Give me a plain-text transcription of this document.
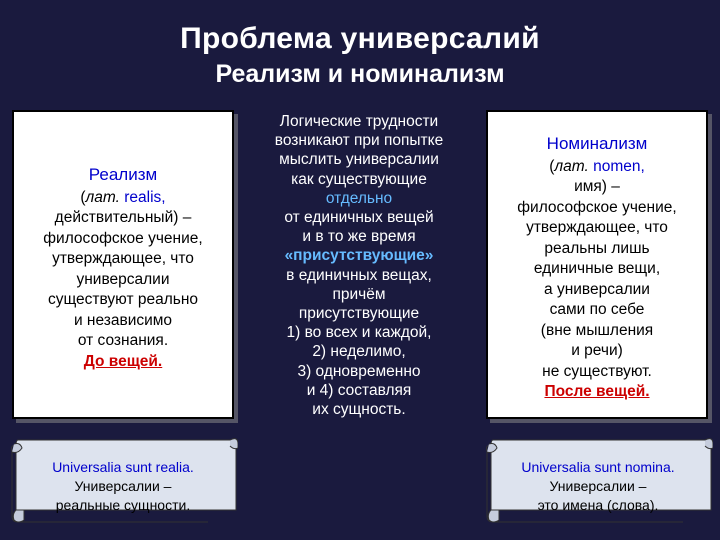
Проблема универсалий
Реализм и номинализм
Реализм
(лат. realis,
действительный) –
философское учение,
утверждающее, что
универсалии
существуют реально
и независимо
от сознания.
До вещей.
Логические трудности
возникают при попытке
мыслить универсалии
как существующие
отдельно
от единичных вещей
и в то же время
«присутствующие»
в единичных вещах,
причём
присутствующие
1) во всех и каждой,
2) неделимо,
3) одновременно
и 4) составляя
их сущность.
Номинализм
(лат. nomen,
имя) –
философское учение,
утверждающее, что
реальны лишь
единичные вещи,
а универсалии
сами по себе
(вне мышления
и речи)
не существуют.
После вещей.
Universalia sunt realia.
Универсалии –
реальные сущности.
Universalia sunt nomina.
Универсалии –
это имена (слова).
